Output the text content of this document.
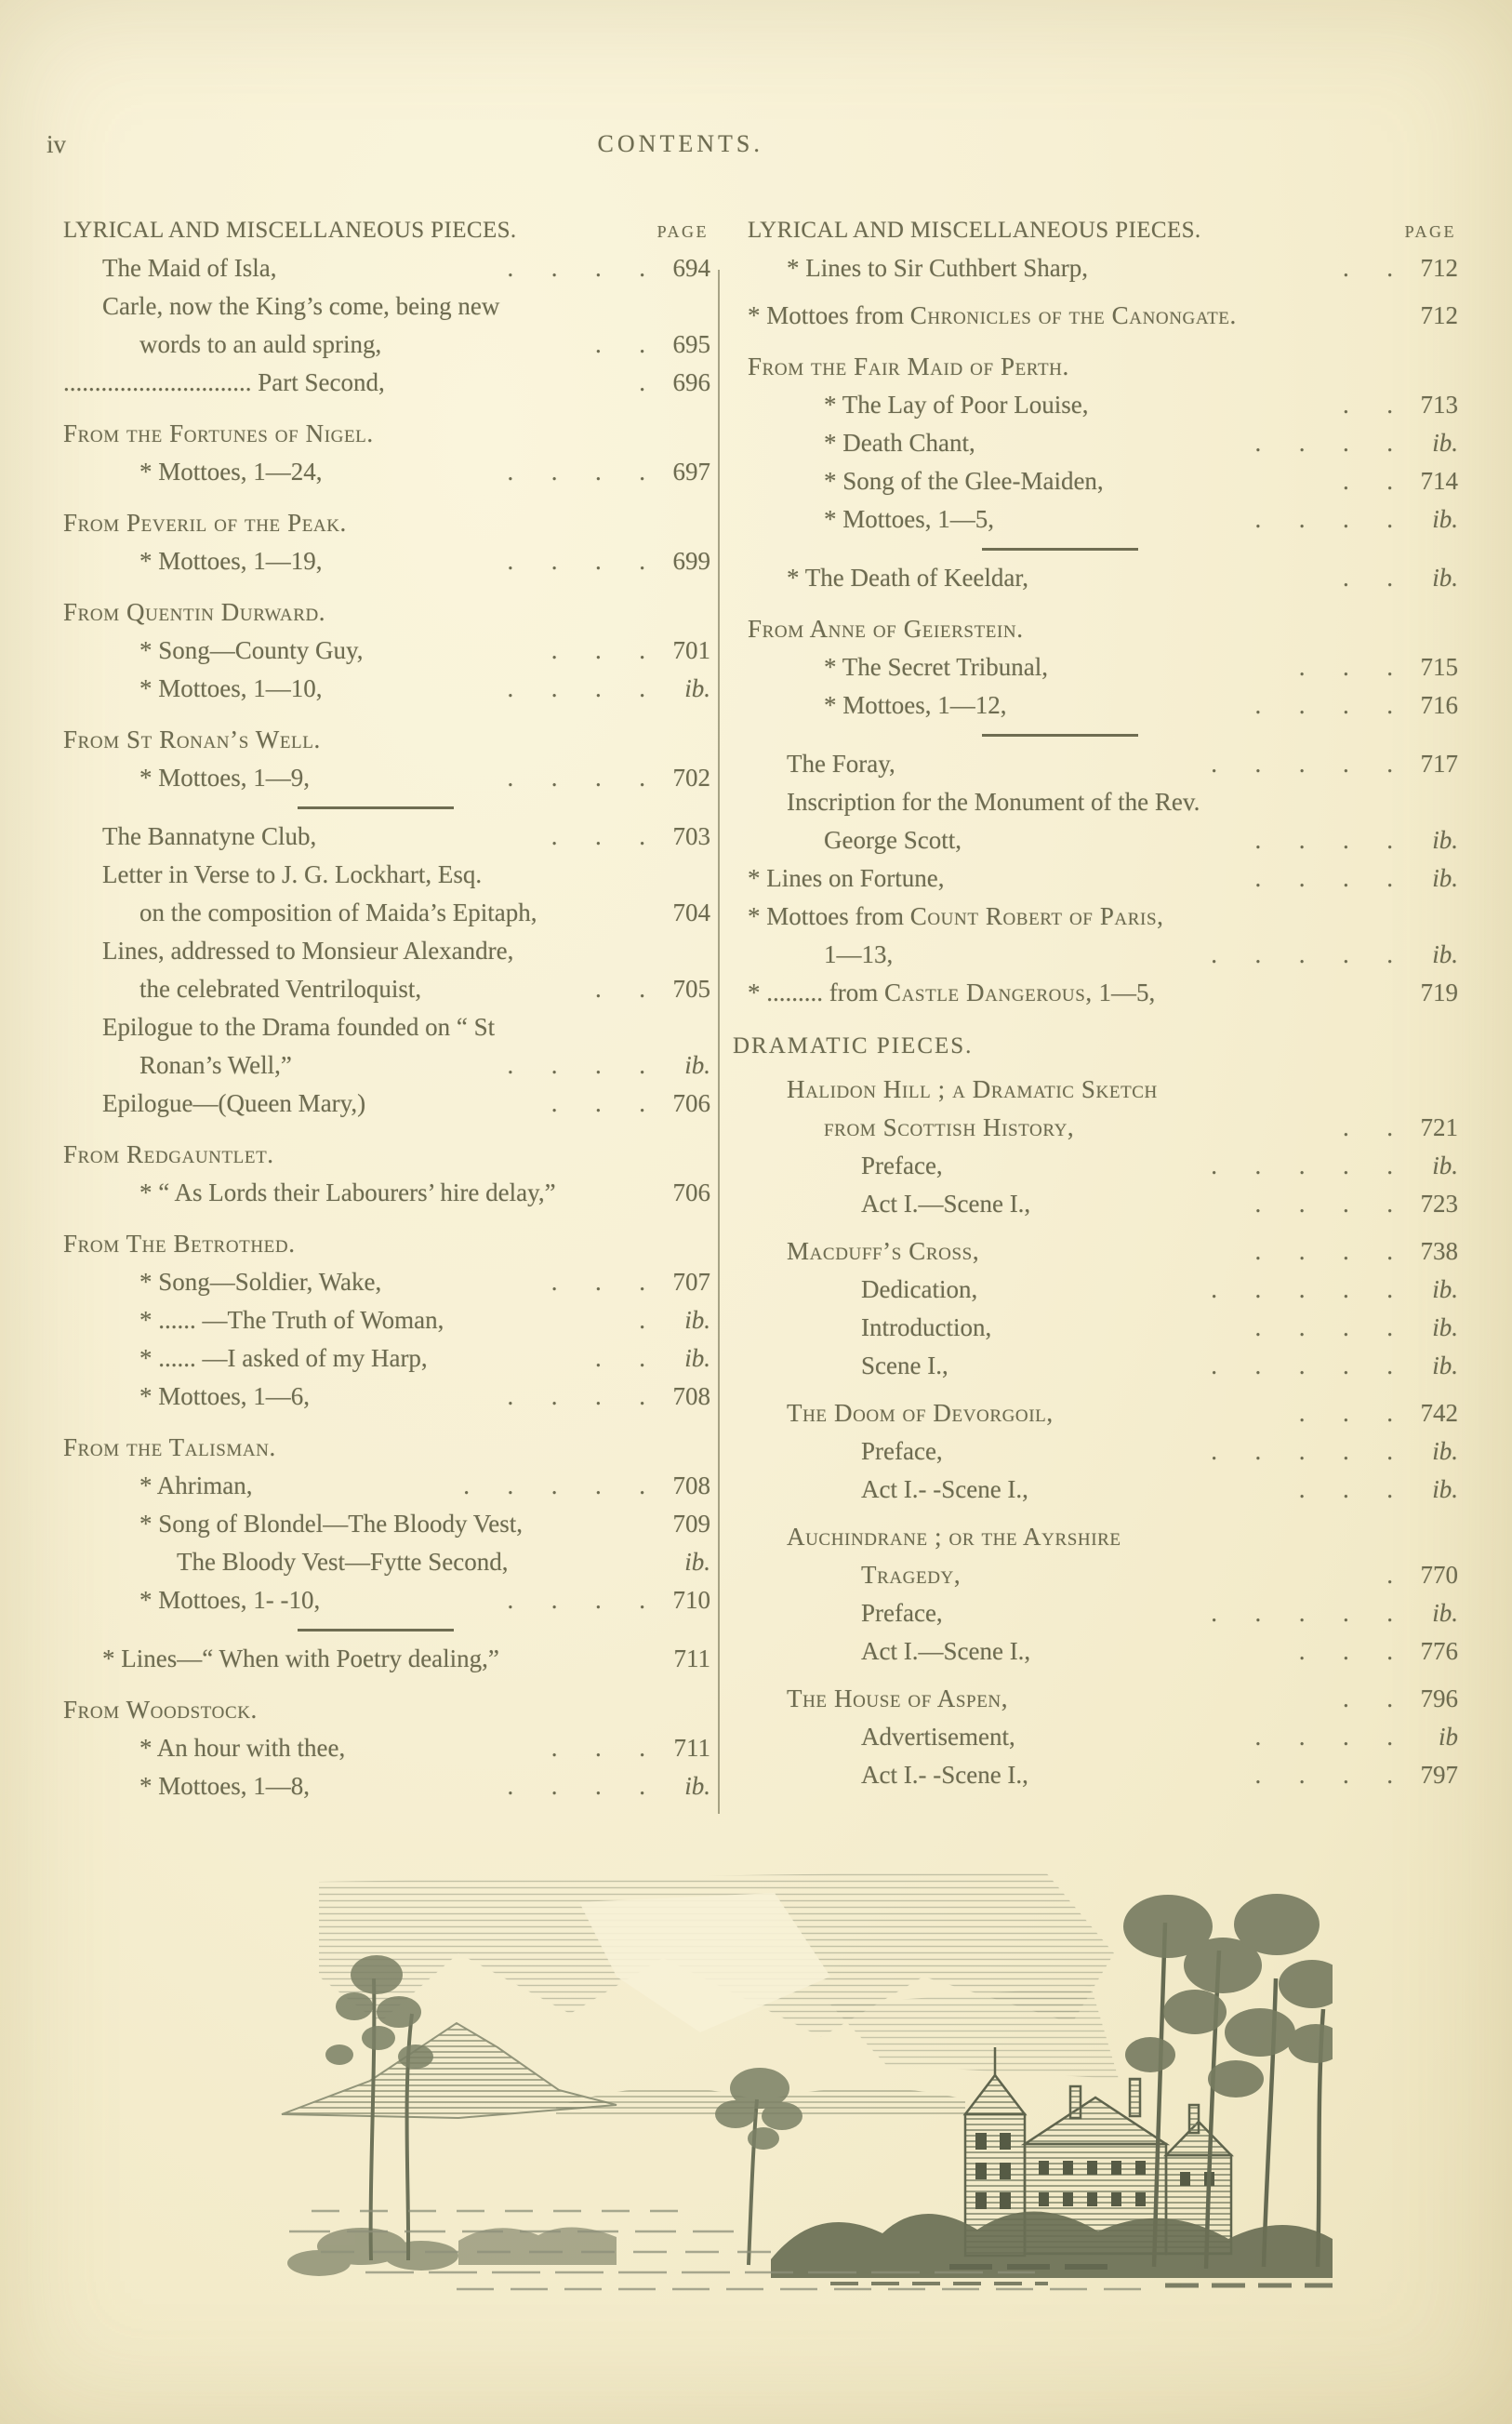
iv	CONTENTS.
LYRICAL AND MISCELLANEOUS PIECES.	PAGE
The Maid of Isla,	.   .   .   .	694
Carle, now the King’s come, being new
words to an auld spring,	.   .	695
.............................. Part Second,	.	696
From the Fortunes of Nigel.
* Mottoes, 1—24,	.   .   .   .	697
From Peveril of the Peak.
* Mottoes, 1—19,	.   .   .   .	699
From Quentin Durward.
* Song—County Guy,	.   .   .	701
* Mottoes, 1—10,	.   .   .   .	ib.
From St Ronan’s Well.
* Mottoes, 1—9,	.   .   .   .	702
The Bannatyne Club,	.   .   .	703
Letter in Verse to J. G. Lockhart, Esq.
on the composition of Maida’s Epitaph,	704
Lines, addressed to Monsieur Alexandre,
the celebrated Ventriloquist,	.   .	705
Epilogue to the Drama founded on “ St
Ronan’s Well,”	.   .   .   .	ib.
Epilogue—(Queen Mary,)	.   .   .	706
From Redgauntlet.
* “ As Lords their Labourers’ hire delay,”	706
From The Betrothed.
* Song—Soldier, Wake,	.   .   .	707
* ...... —The Truth of Woman,	.	ib.
* ...... —I asked of my Harp,	.   .	ib.
* Mottoes, 1—6,	.   .   .   .	708
From the Talisman.
* Ahriman,	.   .   .   .   .	708
* Song of Blondel—The Bloody Vest,	709
The Bloody Vest—Fytte Second,	ib.
* Mottoes, 1- -10,	.   .   .   .	710
* Lines—“ When with Poetry dealing,”	711
From Woodstock.
* An hour with thee,	.   .   .	711
* Mottoes, 1—8,	.   .   .   .	ib.
LYRICAL AND MISCELLANEOUS PIECES.	PAGE
* Lines to Sir Cuthbert Sharp,	.   .	712
* Mottoes from Chronicles of the Canongate.	712
From the Fair Maid of Perth.
* The Lay of Poor Louise,	.   .	713
* Death Chant,	.   .   .   .	ib.
* Song of the Glee-Maiden,	.   .	714
* Mottoes, 1—5,	.   .   .   .	ib.
* The Death of Keeldar,	.   .	ib.
From Anne of Geierstein.
* The Secret Tribunal,	.   .   .	715
* Mottoes, 1—12,	.   .   .   .	716
The Foray,	.   .   .   .   .	717
Inscription for the Monument of the Rev.
George Scott,	.   .   .   .	ib.
* Lines on Fortune,	.   .   .   .	ib.
* Mottoes from Count Robert of Paris,
1—13,	.   .   .   .   .	ib.
* ......... from Castle Dangerous, 1—5,	719
DRAMATIC PIECES.
Halidon Hill ; a Dramatic Sketch
from Scottish History,	.   .	721
Preface,	.   .   .   .   .	ib.
Act I.—Scene I.,	.   .   .   .	723
Macduff’s Cross,	.   .   .   .	738
Dedication,	.   .   .   .   .	ib.
Introduction,	.   .   .   .	ib.
Scene I.,	.   .   .   .   .	ib.
The Doom of Devorgoil,	.   .   .	742
Preface,	.   .   .   .   .	ib.
Act I.- -Scene I.,	.   .   .	ib.
Auchindrane ; or the Ayrshire
Tragedy,	.	770
Preface,	.   .   .   .   .	ib.
Act I.—Scene I.,	.   .   .	776
The House of Aspen,	.   .	796
Advertisement,	.   .   .   .	ib
Act I.- -Scene I.,	.   .   .   .	797
